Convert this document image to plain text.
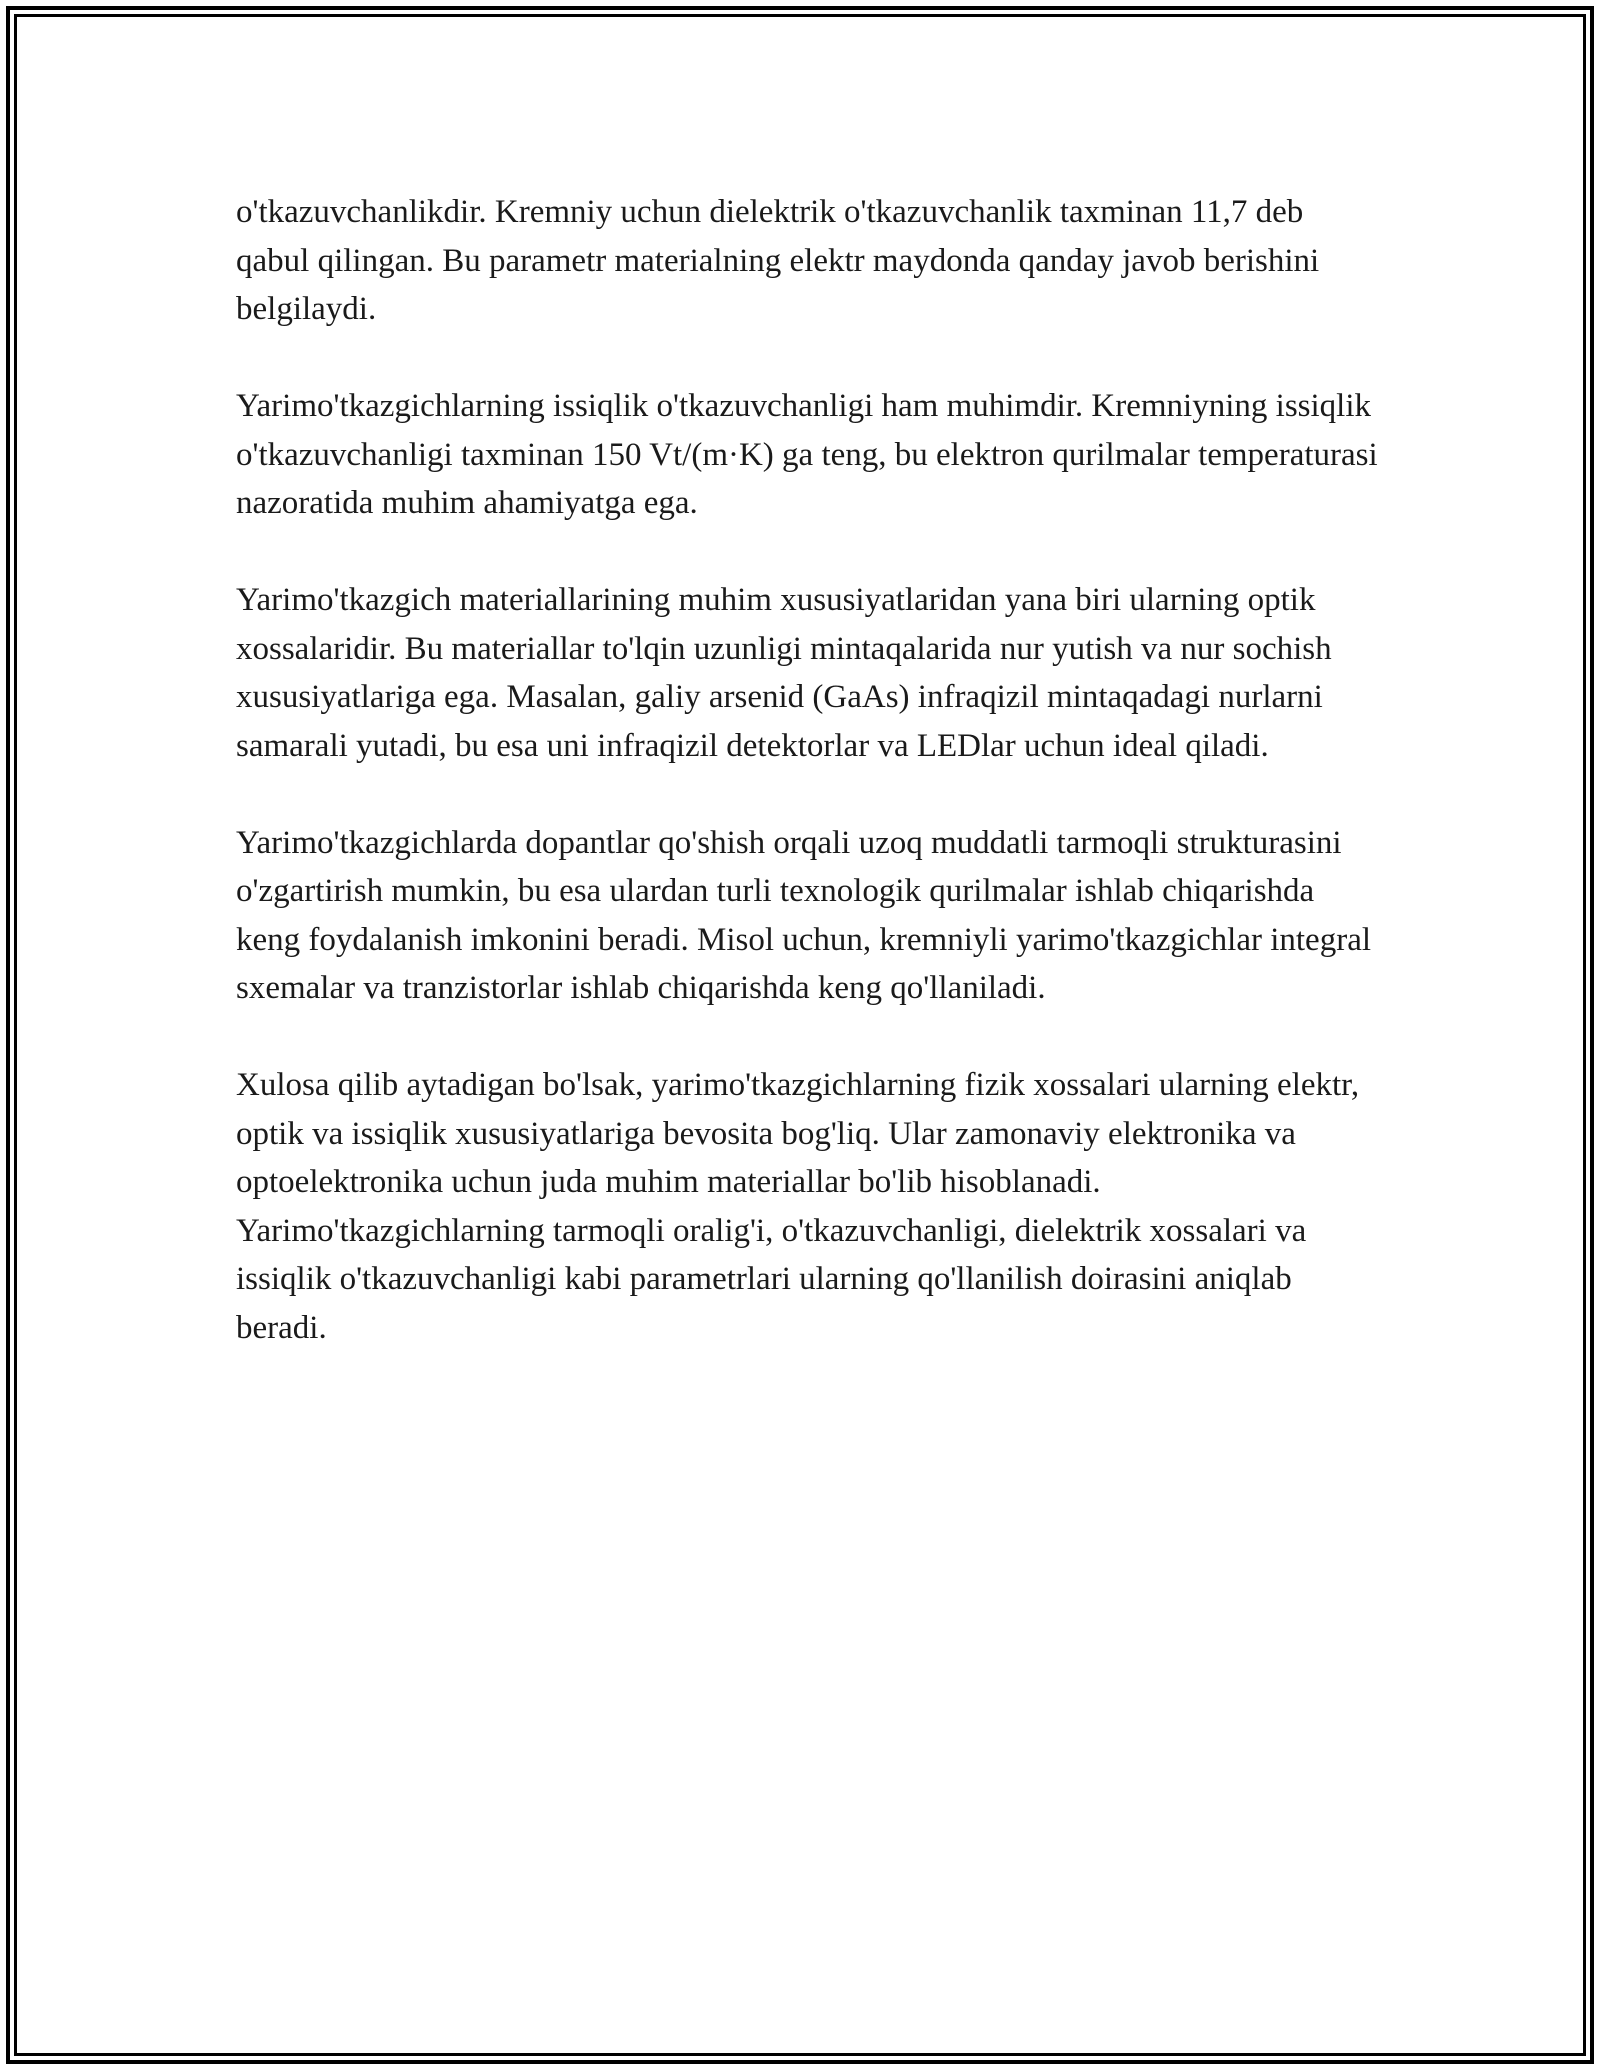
o'tkazuvchanlikdir. Kremniy uchun dielektrik o'tkazuvchanlik taxminan 11,7 deb qabul qilingan. Bu parametr materialning elektr maydonda qanday javob berishini belgilaydi.

Yarimo'tkazgichlarning issiqlik o'tkazuvchanligi ham muhimdir. Kremniyning issiqlik o'tkazuvchanligi taxminan 150 Vt/(m·K) ga teng, bu elektron qurilmalar temperaturasi nazoratida muhim ahamiyatga ega.

Yarimo'tkazgich materiallarining muhim xususiyatlaridan yana biri ularning optik xossalaridir. Bu materiallar to'lqin uzunligi mintaqalarida nur yutish va nur sochish xususiyatlariga ega. Masalan, galiy arsenid (GaAs) infraqizil mintaqadagi nurlarni samarali yutadi, bu esa uni infraqizil detektorlar va LEDlar uchun ideal qiladi.

Yarimo'tkazgichlarda dopantlar qo'shish orqali uzoq muddatli tarmoqli strukturasini o'zgartirish mumkin, bu esa ulardan turli texnologik qurilmalar ishlab chiqarishda keng foydalanish imkonini beradi. Misol uchun, kremniyli yarimo'tkazgichlar integral sxemalar va tranzistorlar ishlab chiqarishda keng qo'llaniladi.

Xulosa qilib aytadigan bo'lsak, yarimo'tkazgichlarning fizik xossalari ularning elektr, optik va issiqlik xususiyatlariga bevosita bog'liq. Ular zamonaviy elektronika va optoelektronika uchun juda muhim materiallar bo'lib hisoblanadi. Yarimo'tkazgichlarning tarmoqli oralig'i, o'tkazuvchanligi, dielektrik xossalari va issiqlik o'tkazuvchanligi kabi parametrlari ularning qo'llanilish doirasini aniqlab beradi.
